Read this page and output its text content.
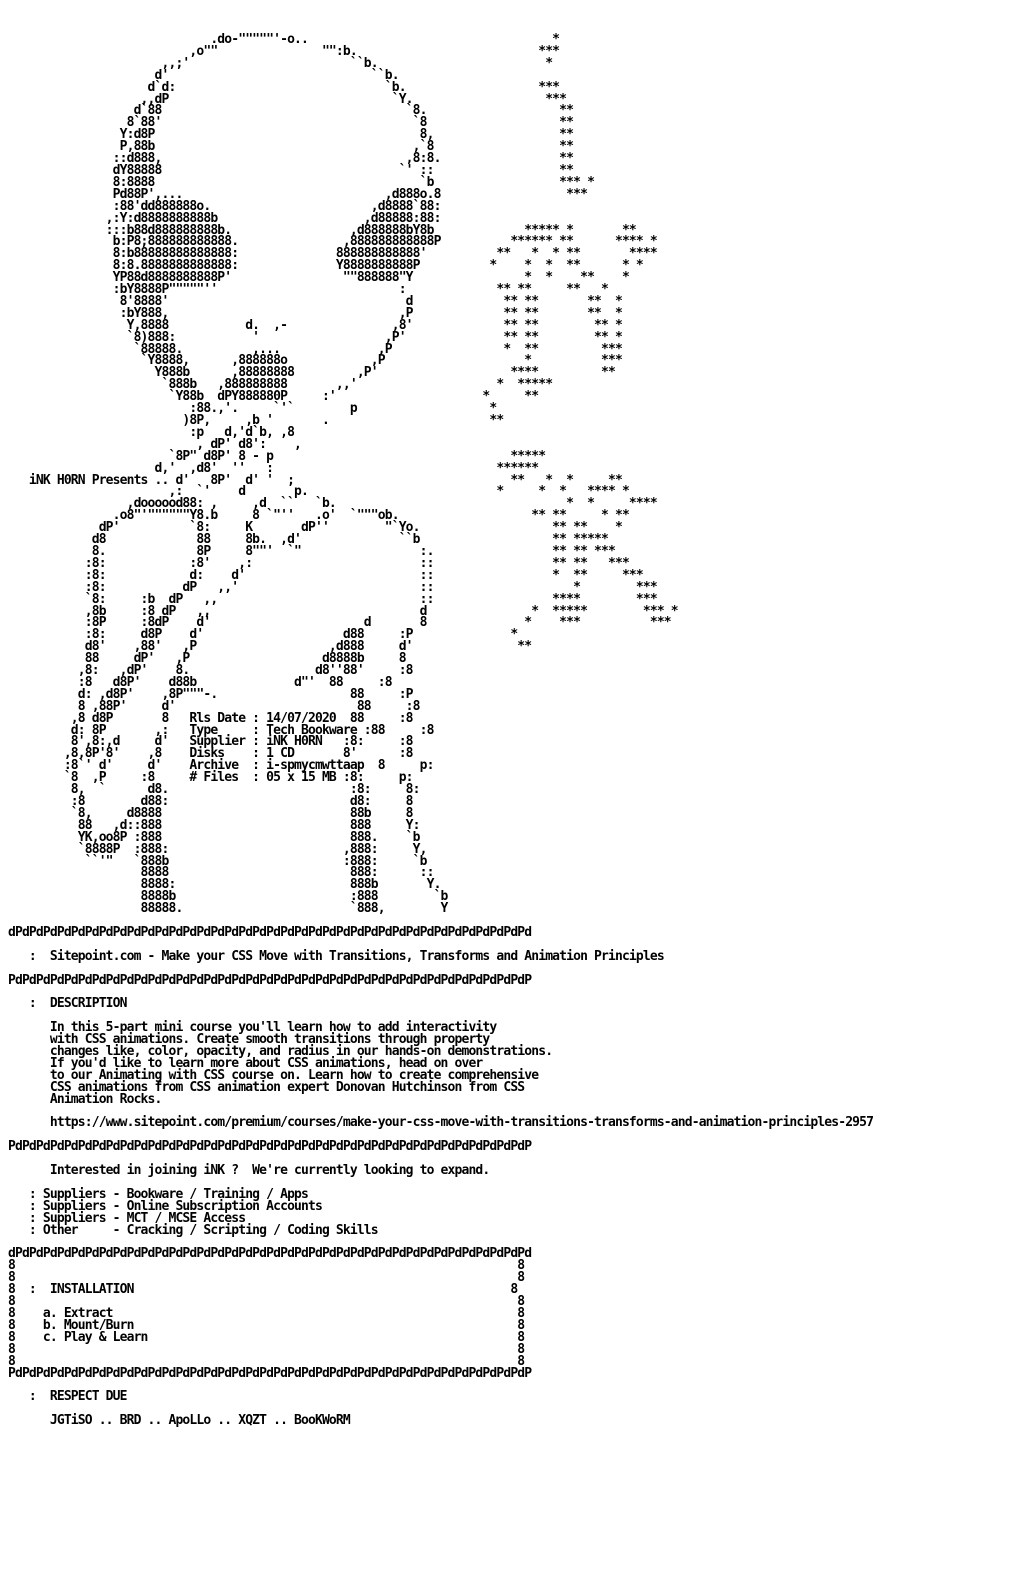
.do-"""""'-o..                                   *
,o""               "":b.                          ***
,,;'                       ``b.                        *
d'                             ``b.
d`d:                              `b.                   ***
,,dP                                `Y.                   ***
d`88                                   `8.                   **
8`88'                                    `8                   **
Y:d8P                                      8,                  **
P,88b                                     ,`8                  **
::d888,                                   ,8:8.                 **
dY88888                                  `' ::                  **
8:8888                                      `b                  *** *
Pd88P',...                             ,d888o.8                  ***
:88'dd888888o.                       ,d8888`88:
,:Y:d8888888888b                     ,d88888:88:
:::b88d888888888b.                 ,d888888bY8b             ***** *       **
b:P8;888888888888.               ,888888888888P          ****** **      **** *
8:b88888888888888:              888888888888'          **   *  * **       ****
8:8.8888888888888:              Y8888888888P          *    *  *  **      * *
YP88d8888888888P'                ""888888"Y                *  *    **    *
:bY8888P"""""''                          :             ** **     **   *
8'8888'                                  d             ** **       **  *
:bY888,                                 ,P             ** **       **  *
Y,8888           d.  ,-               ,8'             ** **        ** *
`8)888:           '                  ,P'              ** **        ** *
`88888.          ,...              ,P                *  **         ***
`Y8888,      ,888888o            ,P                    *          ***
Y888b      ,88888888         ,P'                   ****         **
`888b   ,888888888       ,,'                    *  *****
`Y88b  dPY888880P     :'                     *     **
:88.,'.     `'`        p                   *
)8P,     ,b '       .                       **
:p   d,'d`b, ,8
, dP' d8':    ,
`8P" d8P' 8 - p                                  *****
d,'  ,d8'  ''   :                                ******
iNK H0RN Presents .. d'   8P'  d' '  ;                               **   *  *     **
,:  `'    d       p.                           *     *  *   **** *
,doooood88: ,     ,d  ``   `b.                                 *  *     ****
.o8"'""""""Y8.b     8 `"''   .o'  `"""ob.                   ** **     * **
dP'          `8:     K       dP''        "`Yo.                   ** **    *
d8             88     8b.  ,d'              ``b                   ** *****
8.             8P     8""'  `"                 :.                 ** ** ***
:8:            :8'    ,:                        ::                 ** **   ***
:8:            d:    d'                         ::                 *  **     ***
:8:           dP   ,,'                          ::                    *        ***
`8:     :b  dP   ,,                             ::                 ****        ***
,8b     :8 dP   ,,                              d               *  *****        *** *
:8P     :8dP    d'                      d       8              *    ***          ***
:8:     d8P    d'                    d88     :P              *
d8'    ,88'   ,P                   ,d888     d'               **
88     dP'   ,P                   d8888b     8
,8:   ,dP'    8.                  d8''88'     :8
:8   d8P'    d88b              d"'  88     :8
d: ,d8P'    ,8P"""-.                   88     :P
8 ,88P'     d'                          88     :8
,8 d8P       8   Rls Date : 14/07/2020  88     :8
d: 8P       ,:   Type     : Tech Bookware :88     :8
8',8:,d     d'   Supplier : iNK H0RN   :8:     :8
,8,8P'8'    ,8    Disks    : 1 CD       8'      :8
:8`' d'     d'    Archive  : i-spmycmwttaap  8     p:
`8  ,P     :8     # Files  : 05 x 15 MB :8:     p:
8,  `      d8.                          :8:     8:
:8        d88:                          d8:     8
`8,     d8888                           88b     8
88   ,d::888                           888     Y:
YK,oo8P :888                           888.    `b
`8888P  :888:                         ,888:     Y,
``'"   `888b                         :888:     `b
8888                          888:      ::
8888:                         888b       Y.
8888b                         :888        `b
88888.                        `888,        Y

dPdPdPdPdPdPdPdPdPdPdPdPdPdPdPdPdPdPdPdPdPdPdPdPdPdPdPdPdPdPdPdPdPdPdPdPdPd

:  Sitepoint.com - Make your CSS Move with Transitions, Transforms and Animation Principles

PdPdPdPdPdPdPdPdPdPdPdPdPdPdPdPdPdPdPdPdPdPdPdPdPdPdPdPdPdPdPdPdPdPdPdPdPdP

:  DESCRIPTION

In this 5-part mini course you'll learn how to add interactivity
with CSS animations. Create smooth transitions through property
changes like, color, opacity, and radius in our hands-on demonstrations.
If you'd like to learn more about CSS animations, head on over
to our Animating with CSS course on. Learn how to create comprehensive
CSS animations from CSS animation expert Donovan Hutchinson from CSS
Animation Rocks.

https://www.sitepoint.com/premium/courses/make-your-css-move-with-transitions-transforms-and-animation-principles-2957

PdPdPdPdPdPdPdPdPdPdPdPdPdPdPdPdPdPdPdPdPdPdPdPdPdPdPdPdPdPdPdPdPdPdPdPdPdP

Interested in joining iNK ?  We're currently looking to expand.

: Suppliers - Bookware / Training / Apps
: Suppliers - Online Subscription Accounts
: Suppliers - MCT / MCSE Access
: Other     - Cracking / Scripting / Coding Skills

dPdPdPdPdPdPdPdPdPdPdPdPdPdPdPdPdPdPdPdPdPdPdPdPdPdPdPdPdPdPdPdPdPdPdPdPdPd
8                                                                        8
8                                                                        8
8  :  INSTALLATION                                                      8
8                                                                        8
8    a. Extract                                                          8
8    b. Mount/Burn                                                       8
8    c. Play & Learn                                                     8
8                                                                        8
8                                                                        8
PdPdPdPdPdPdPdPdPdPdPdPdPdPdPdPdPdPdPdPdPdPdPdPdPdPdPdPdPdPdPdPdPdPdPdPdPdP

:  RESPECT DUE

JGTiSO .. BRD .. ApoLLo .. XQZT .. BooKWoRM
